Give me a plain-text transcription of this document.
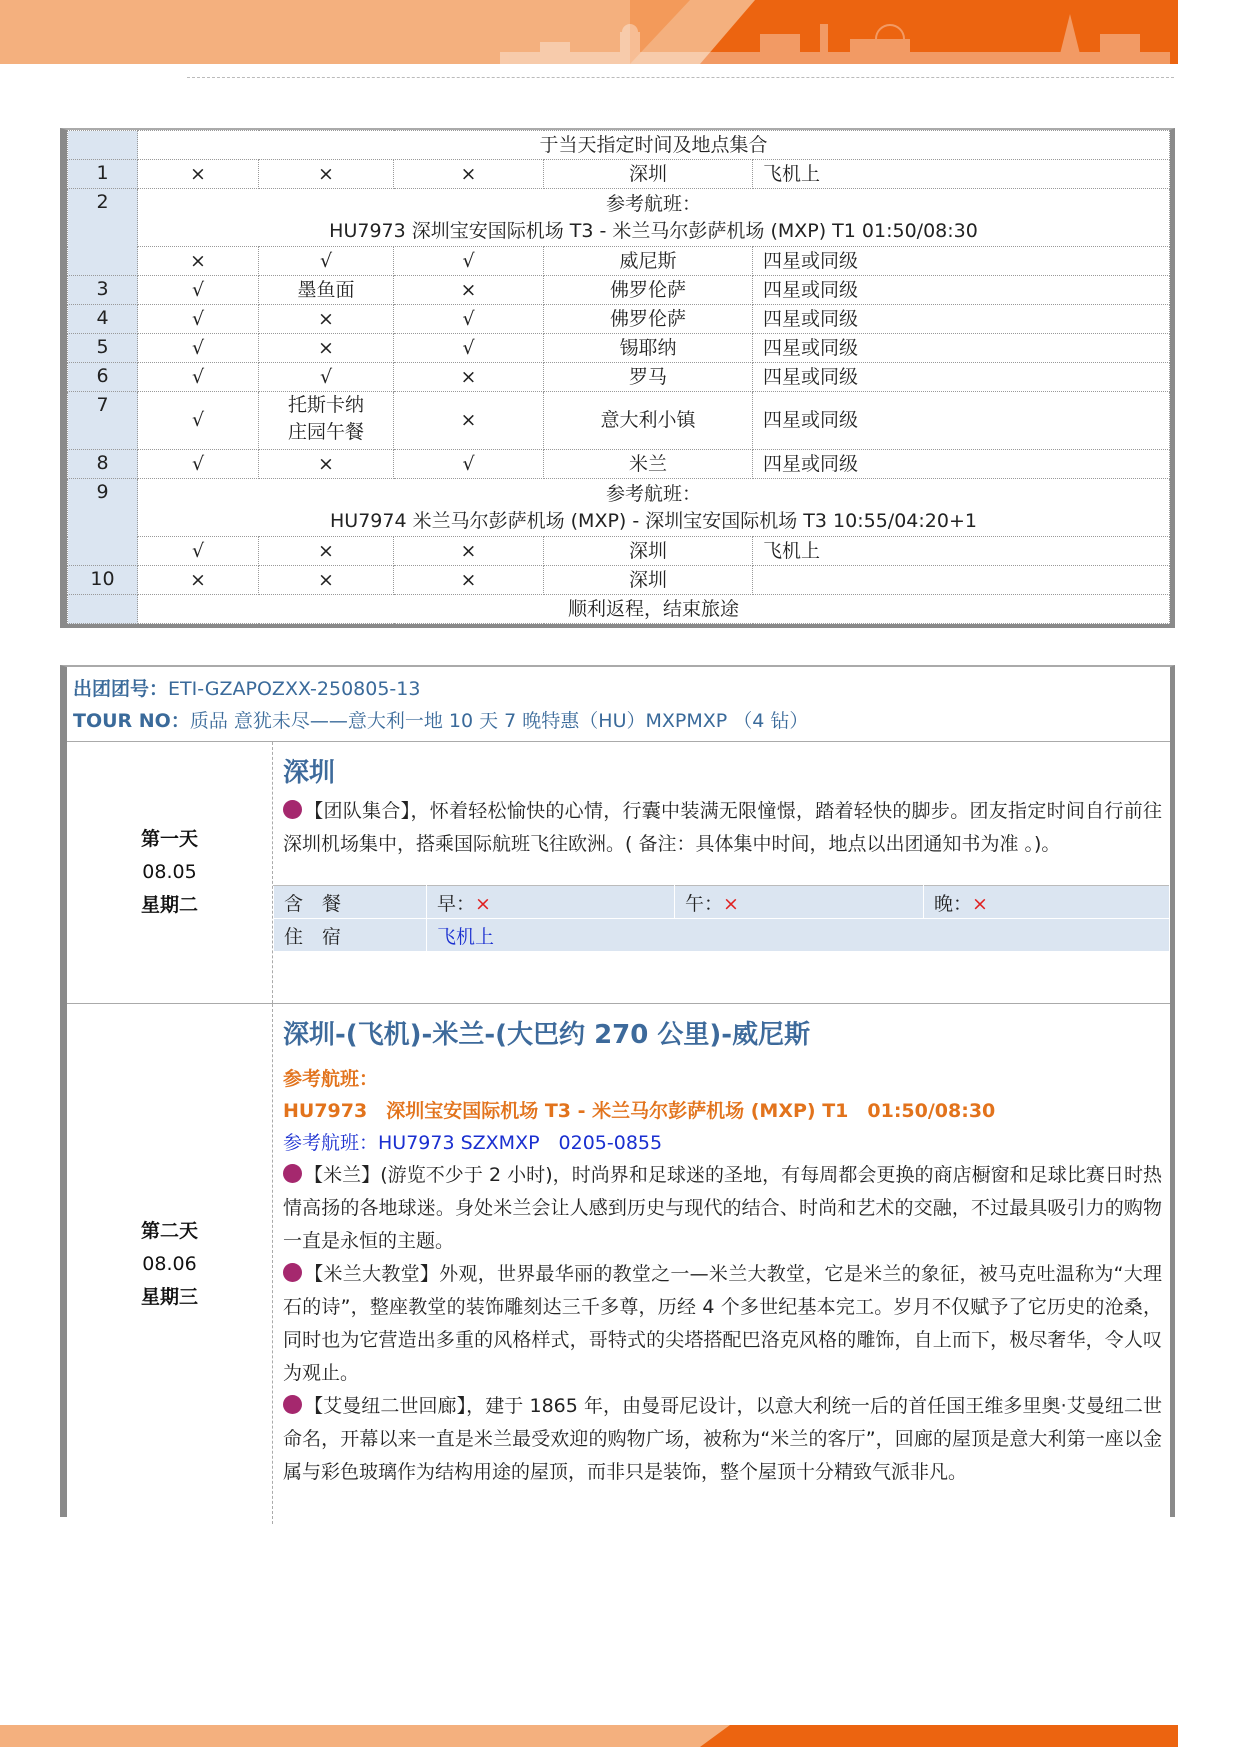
	于当天指定时间及地点集合				
1	×	×	×	深圳	飞机上
2	参考航班：
HU7973 深圳宝安国际机场 T3 - 米兰马尔彭萨机场 (MXP) T1 01:50/08:30				

	×	√	√	威尼斯	四星或同级
3	√	墨鱼面	×	佛罗伦萨	四星或同级
4	√	×	√	佛罗伦萨	四星或同级
5	√	×	√	锡耶纳	四星或同级
6	√	√	×	罗马	四星或同级
7	√	托斯卡纳庄园午餐	×	意大利小镇	四星或同级
8	√	×	√	米兰	四星或同级
9	参考航班：
HU7974 米兰马尔彭萨机场 (MXP) - 深圳宝安国际机场 T3 10:55/04:20+1				

	√	×	×	深圳	飞机上
10	×	×	×	深圳	
	顺利返程，结束旅途				
出团团号：ETI-GZAPOZXX-250805-13
TOUR NO：质品 意犹未尽——意大利一地 10 天 7 晚特惠（HU）MXPMXP （4 钻）
第一天
08.05
星期二
深圳
【团队集合】，怀着轻松愉快的心情，行囊中装满无限憧憬，踏着轻快的脚步。团友指定时间自行前往深圳机场集中，搭乘国际航班飞往欧洲。( 备注：具体集中时间，地点以出团通知书为准 。)。
含　餐	早：×	午：×	晚：×
住　宿	飞机上		
第二天
08.06
星期三
深圳-(飞机)-米兰-(大巴约 270 公里)-威尼斯
参考航班：
HU7973　深圳宝安国际机场 T3 - 米兰马尔彭萨机场 (MXP) T1　01:50/08:30
参考航班：HU7973 SZXMXP　0205-0855
【米兰】(游览不少于 2 小时)，时尚界和足球迷的圣地，有每周都会更换的商店橱窗和足球比赛日时热情高扬的各地球迷。身处米兰会让人感到历史与现代的结合、时尚和艺术的交融，不过最具吸引力的购物一直是永恒的主题。
【米兰大教堂】外观，世界最华丽的教堂之一—米兰大教堂，它是米兰的象征，被马克吐温称为“大理石的诗”，整座教堂的装饰雕刻达三千多尊，历经 4 个多世纪基本完工。岁月不仅赋予了它历史的沧桑，同时也为它营造出多重的风格样式，哥特式的尖塔搭配巴洛克风格的雕饰，自上而下，极尽奢华，令人叹为观止。
【艾曼纽二世回廊】，建于 1865 年，由曼哥尼设计，以意大利统一后的首任国王维多里奥·艾曼纽二世命名，开幕以来一直是米兰最受欢迎的购物广场，被称为“米兰的客厅”，回廊的屋顶是意大利第一座以金属与彩色玻璃作为结构用途的屋顶，而非只是装饰，整个屋顶十分精致气派非凡。
